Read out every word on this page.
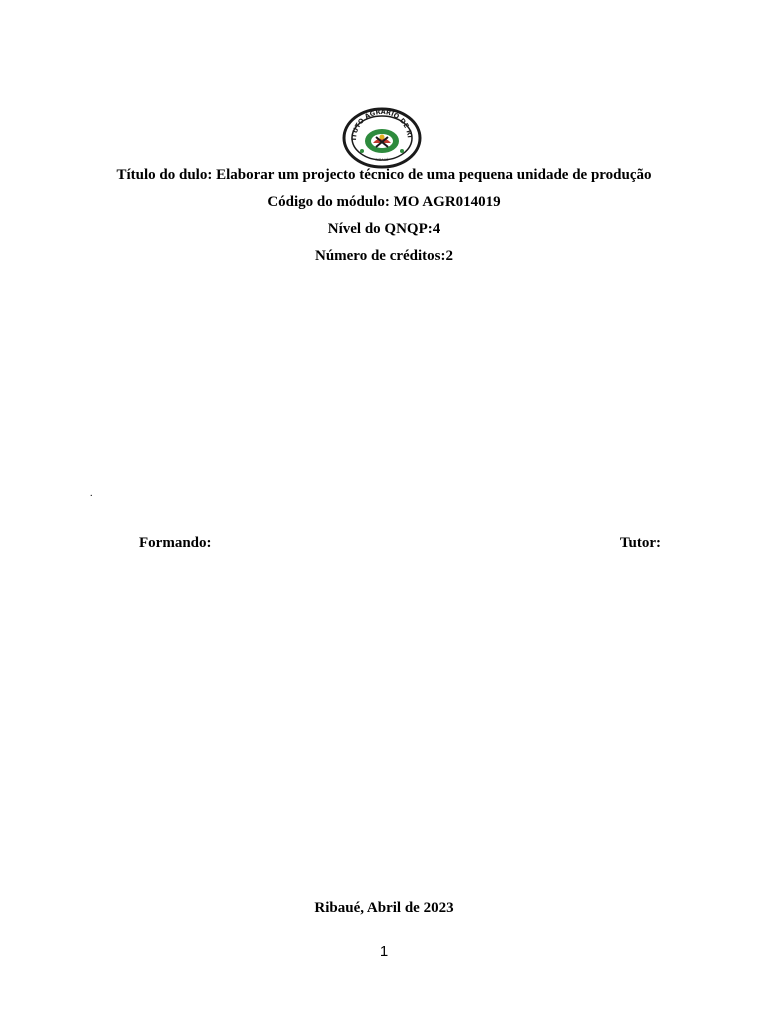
ITUTO AGRÁRIO DE RI
RIBAUÉ
Título do dulo: Elaborar um projecto técnico de uma pequena unidade de produção
Código do módulo: MO AGR014019
Nível do QNQP:4
Número de créditos:2
.
Formando:	Tutor:
Ribaué, Abril de 2023
1
